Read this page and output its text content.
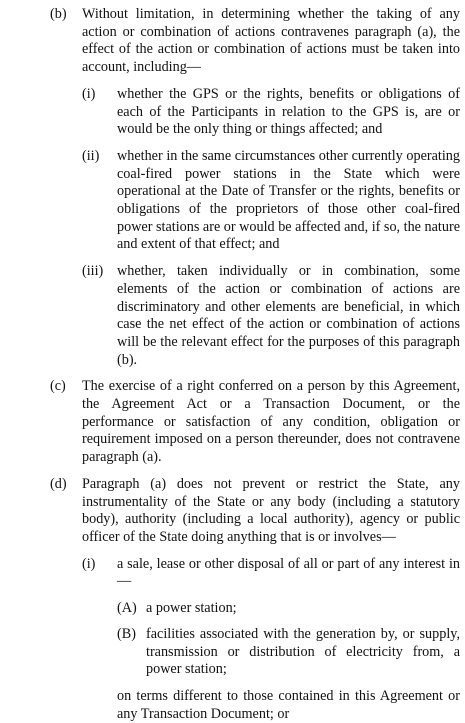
(b) Without limitation, in determining whether the taking of any action or combination of actions contravenes paragraph (a), the effect of the action or combination of actions must be taken into account, including—
(i) whether the GPS or the rights, benefits or obligations of each of the Participants in relation to the GPS is, are or would be the only thing or things affected; and
(ii) whether in the same circumstances other currently operating coal-fired power stations in the State which were operational at the Date of Transfer or the rights, benefits or obligations of the proprietors of those other coal-fired power stations are or would be affected and, if so, the nature and extent of that effect; and
(iii) whether, taken individually or in combination, some elements of the action or combination of actions are discriminatory and other elements are beneficial, in which case the net effect of the action or combination of actions will be the relevant effect for the purposes of this paragraph (b).
(c) The exercise of a right conferred on a person by this Agreement, the Agreement Act or a Transaction Document, or the performance or satisfaction of any condition, obligation or requirement imposed on a person thereunder, does not contravene paragraph (a).
(d) Paragraph (a) does not prevent or restrict the State, any instrumentality of the State or any body (including a statutory body), authority (including a local authority), agency or public officer of the State doing anything that is or involves—
(i) a sale, lease or other disposal of all or part of any interest in—
(A) a power station;
(B) facilities associated with the generation by, or supply, transmission or distribution of electricity from, a power station;
on terms different to those contained in this Agreement or any Transaction Document; or
